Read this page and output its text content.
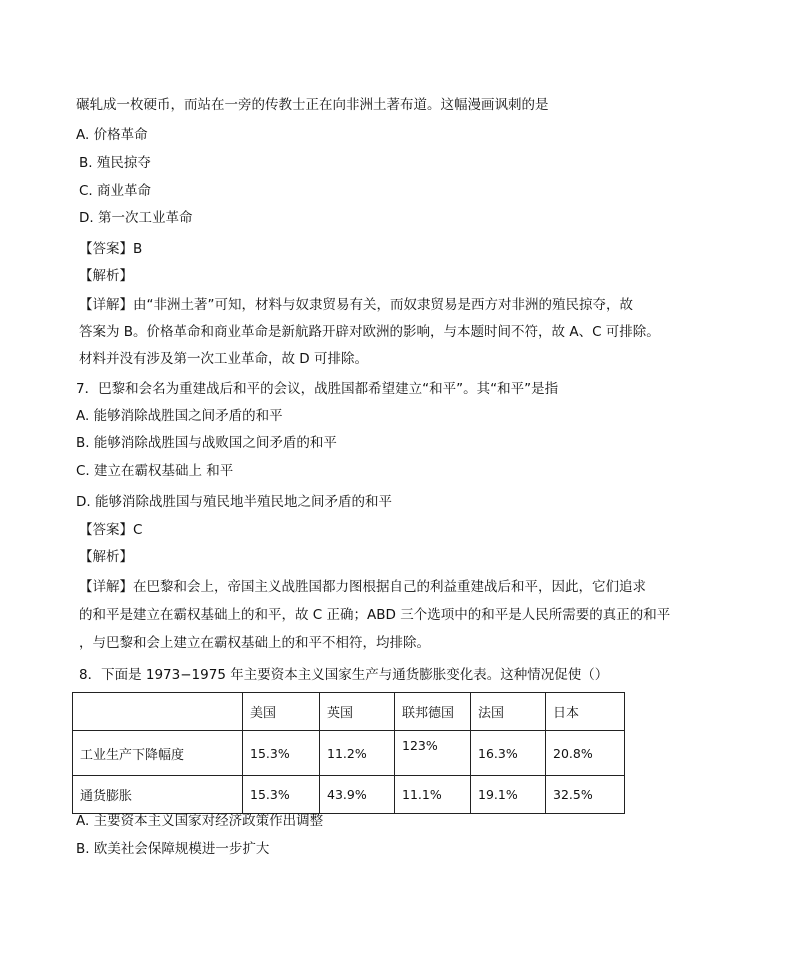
碾轧成一枚硬币，而站在一旁的传教士正在向非洲土著布道。这幅漫画讽刺的是
A. 价格革命
B. 殖民掠夺
C. 商业革命
D. 第一次工业革命
【答案】B
【解析】
【详解】由“非洲土著”可知，材料与奴隶贸易有关，而奴隶贸易是西方对非洲的殖民掠夺，故
答案为 B。价格革命和商业革命是新航路开辟对欧洲的影响，与本题时间不符，故 A、C 可排除。
材料并没有涉及第一次工业革命，故 D 可排除。
7．巴黎和会名为重建战后和平的会议，战胜国都希望建立“和平”。其“和平”是指
A. 能够消除战胜国之间矛盾的和平
B. 能够消除战胜国与战败国之间矛盾的和平
C. 建立在霸权基础上 和平
D. 能够消除战胜国与殖民地半殖民地之间矛盾的和平
【答案】C
【解析】
【详解】在巴黎和会上，帝国主义战胜国都力图根据自己的利益重建战后和平，因此，它们追求
的和平是建立在霸权基础上的和平，故 C 正确；ABD 三个选项中的和平是人民所需要的真正的和平
，与巴黎和会上建立在霸权基础上的和平不相符，均排除。
8．下面是 1973−1975 年主要资本主义国家生产与通货膨胀变化表。这种情况促使（）
	美国	英国	联邦德国	法国	日本
工业生产下降幅度	15.3%	11.2%	123%	16.3%	20.8%
通货膨胀	15.3%	43.9%	11.1%	19.1%	32.5%
A. 主要资本主义国家对经济政策作出调整
B. 欧美社会保障规模进一步扩大
